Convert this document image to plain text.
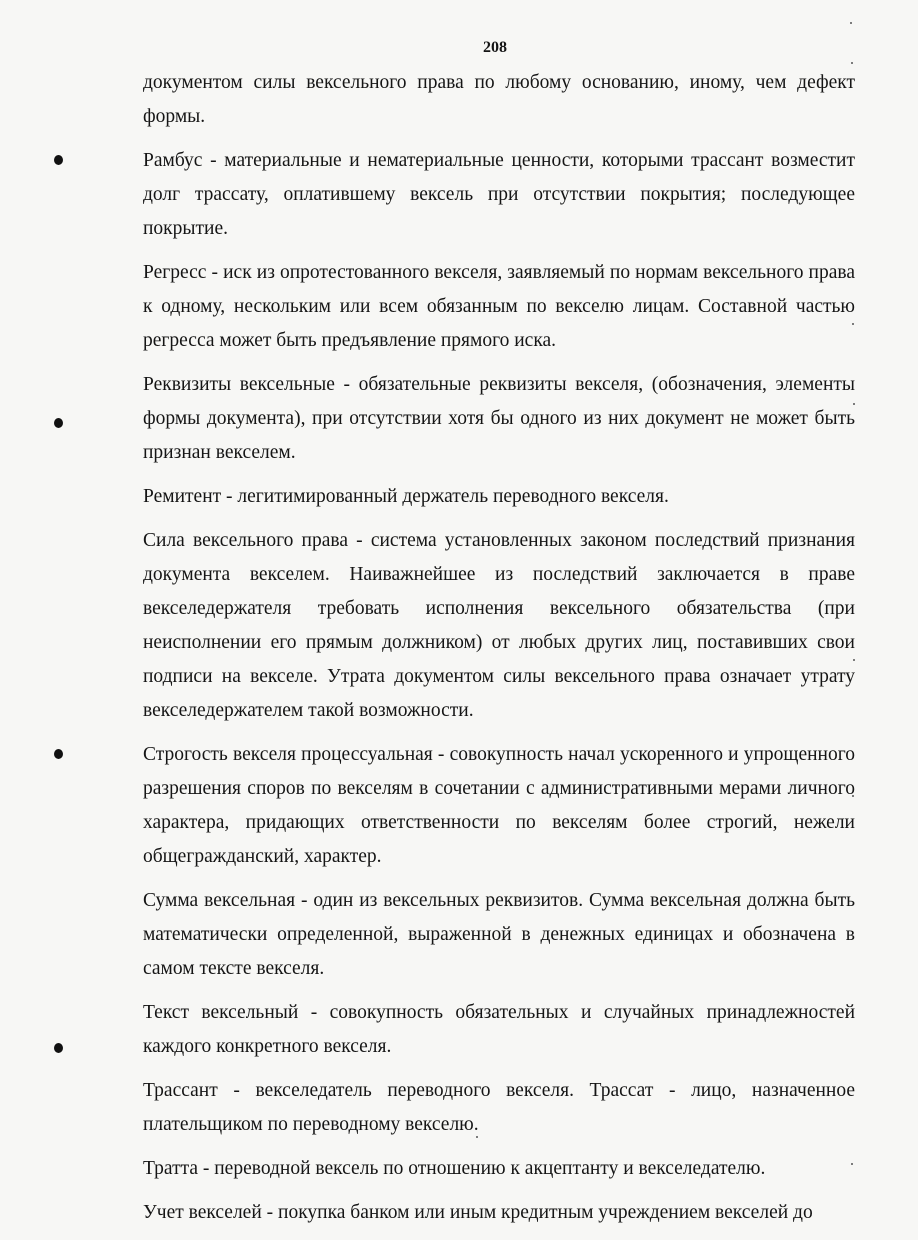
208

документом силы вексельного права по любому основанию, иному, чем дефект формы.

Рамбус - материальные и нематериальные ценности, которыми трассант возместит долг трассату, оплатившему вексель при отсутствии покрытия; последующее покрытие.

Регресс - иск из опротестованного векселя, заявляемый по нормам вексельного права к одному, нескольким или всем обязанным по векселю лицам. Составной частью регресса может быть предъявление прямого иска.

Реквизиты вексельные - обязательные реквизиты векселя, (обозначения, элементы формы документа), при отсутствии хотя бы одного из них документ не может быть признан векселем.

Ремитент - легитимированный держатель переводного векселя.

Сила вексельного права - система установленных законом последствий признания документа векселем. Наиважнейшее из последствий заключается в праве векселедержателя требовать исполнения вексельного обязательства (при неисполнении его прямым должником) от любых других лиц, поставивших свои подписи на векселе. Утрата документом силы вексельного права означает утрату векселедержателем такой возможности.

Строгость векселя процессуальная - совокупность начал ускоренного и упрощенного разрешения споров по векселям в сочетании с административными мерами личного характера, придающих ответственности по векселям более строгий, нежели общегражданский, характер.

Сумма вексельная - один из вексельных реквизитов. Сумма вексельная должна быть математически определенной, выраженной в денежных единицах и обозначена в самом тексте векселя.

Текст вексельный - совокупность обязательных и случайных принадлежностей каждого конкретного векселя.

Трассант - векселедатель переводного векселя. Трассат - лицо, назначенное плательщиком по переводному векселю.

Тратта - переводной вексель по отношению к акцептанту и векселедателю.

Учет векселей - покупка банком или иным кредитным учреждением векселей до
